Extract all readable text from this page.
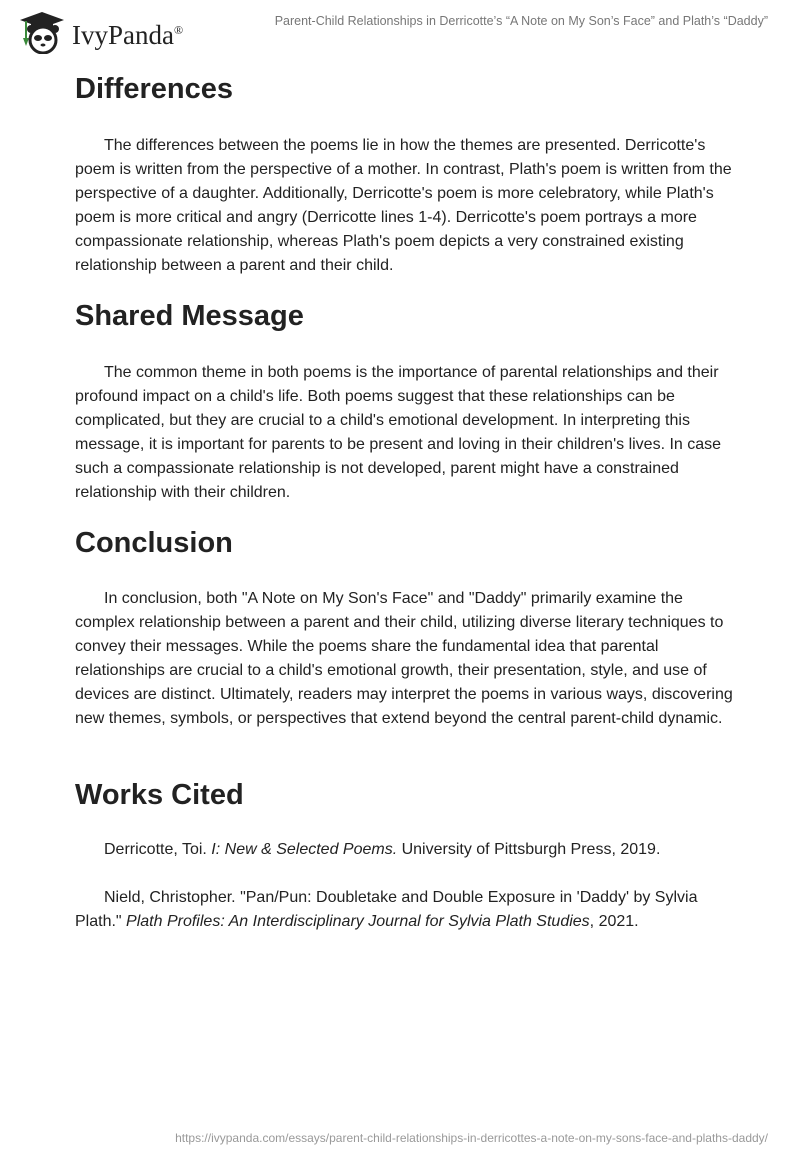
IvyPanda®
Parent-Child Relationships in Derricotte’s “A Note on My Son’s Face” and Plath’s “Daddy”
Differences

The differences between the poems lie in how the themes are presented. Derricotte's poem is written from the perspective of a mother. In contrast, Plath's poem is written from the perspective of a daughter. Additionally, Derricotte's poem is more celebratory, while Plath's poem is more critical and angry (Derricotte lines 1-4). Derricotte's poem portrays a more compassionate relationship, whereas Plath's poem depicts a very constrained existing relationship between a parent and their child.

Shared Message

The common theme in both poems is the importance of parental relationships and their profound impact on a child's life. Both poems suggest that these relationships can be complicated, but they are crucial to a child's emotional development. In interpreting this message, it is important for parents to be present and loving in their children's lives. In case such a compassionate relationship is not developed, parent might have a constrained relationship with their children.

Conclusion

In conclusion, both "A Note on My Son's Face" and "Daddy" primarily examine the complex relationship between a parent and their child, utilizing diverse literary techniques to convey their messages. While the poems share the fundamental idea that parental relationships are crucial to a child's emotional growth, their presentation, style, and use of devices are distinct. Ultimately, readers may interpret the poems in various ways, discovering new themes, symbols, or perspectives that extend beyond the central parent-child dynamic.

Works Cited

Derricotte, Toi. I: New & Selected Poems. University of Pittsburgh Press, 2019.

Nield, Christopher. "Pan/Pun: Doubletake and Double Exposure in 'Daddy' by Sylvia Plath." Plath Profiles: An Interdisciplinary Journal for Sylvia Plath Studies, 2021.

https://ivypanda.com/essays/parent-child-relationships-in-derricottes-a-note-on-my-sons-face-and-plaths-daddy/
